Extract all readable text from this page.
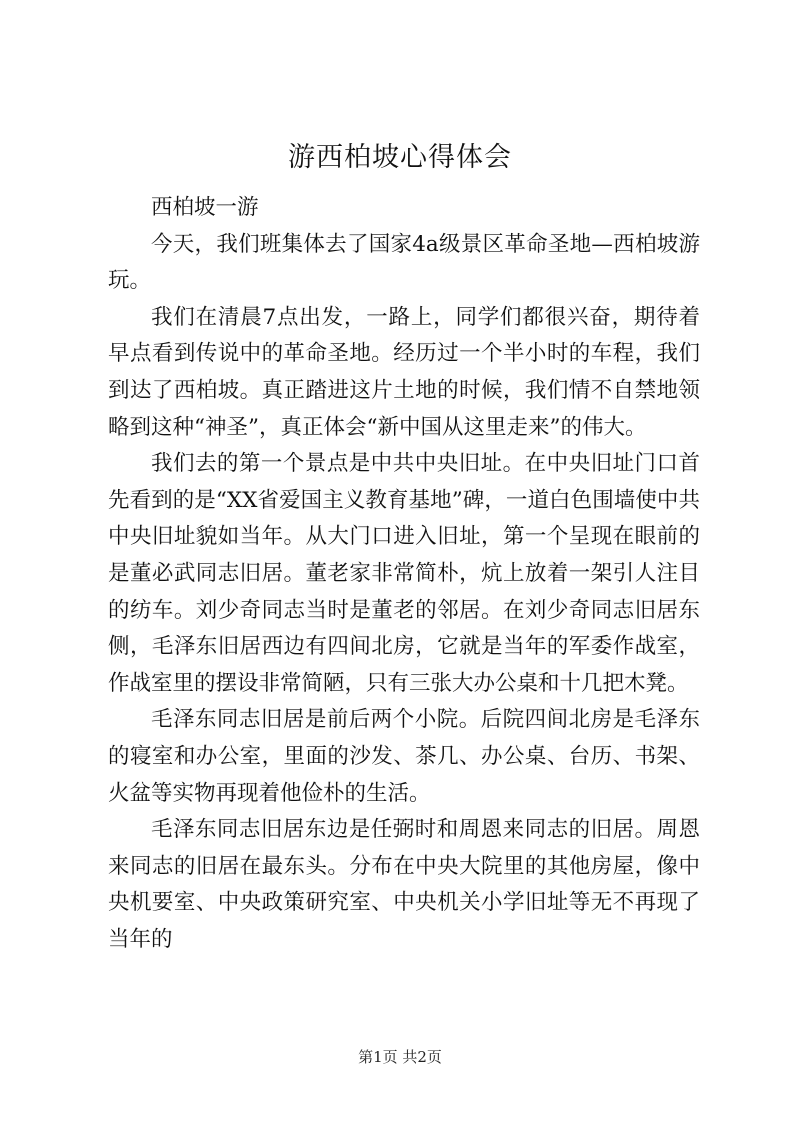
游西柏坡心得体会

西柏坡一游

今天，我们班集体去了国家4a级景区革命圣地—西柏坡游玩。

我们在清晨7点出发，一路上，同学们都很兴奋，期待着早点看到传说中的革命圣地。经历过一个半小时的车程，我们到达了西柏坡。真正踏进这片土地的时候，我们情不自禁地领略到这种“神圣”，真正体会“新中国从这里走来”的伟大。

我们去的第一个景点是中共中央旧址。在中央旧址门口首先看到的是“XX省爱国主义教育基地”碑，一道白色围墙使中共中央旧址貌如当年。从大门口进入旧址，第一个呈现在眼前的是董必武同志旧居。董老家非常简朴，炕上放着一架引人注目的纺车。刘少奇同志当时是董老的邻居。在刘少奇同志旧居东侧，毛泽东旧居西边有四间北房，它就是当年的军委作战室，作战室里的摆设非常简陋，只有三张大办公桌和十几把木凳。

毛泽东同志旧居是前后两个小院。后院四间北房是毛泽东的寝室和办公室，里面的沙发、茶几、办公桌、台历、书架、火盆等实物再现着他俭朴的生活。

毛泽东同志旧居东边是任弼时和周恩来同志的旧居。周恩来同志的旧居在最东头。分布在中央大院里的其他房屋，像中央机要室、中央政策研究室、中央机关小学旧址等无不再现了当年的

第1页 共2页
